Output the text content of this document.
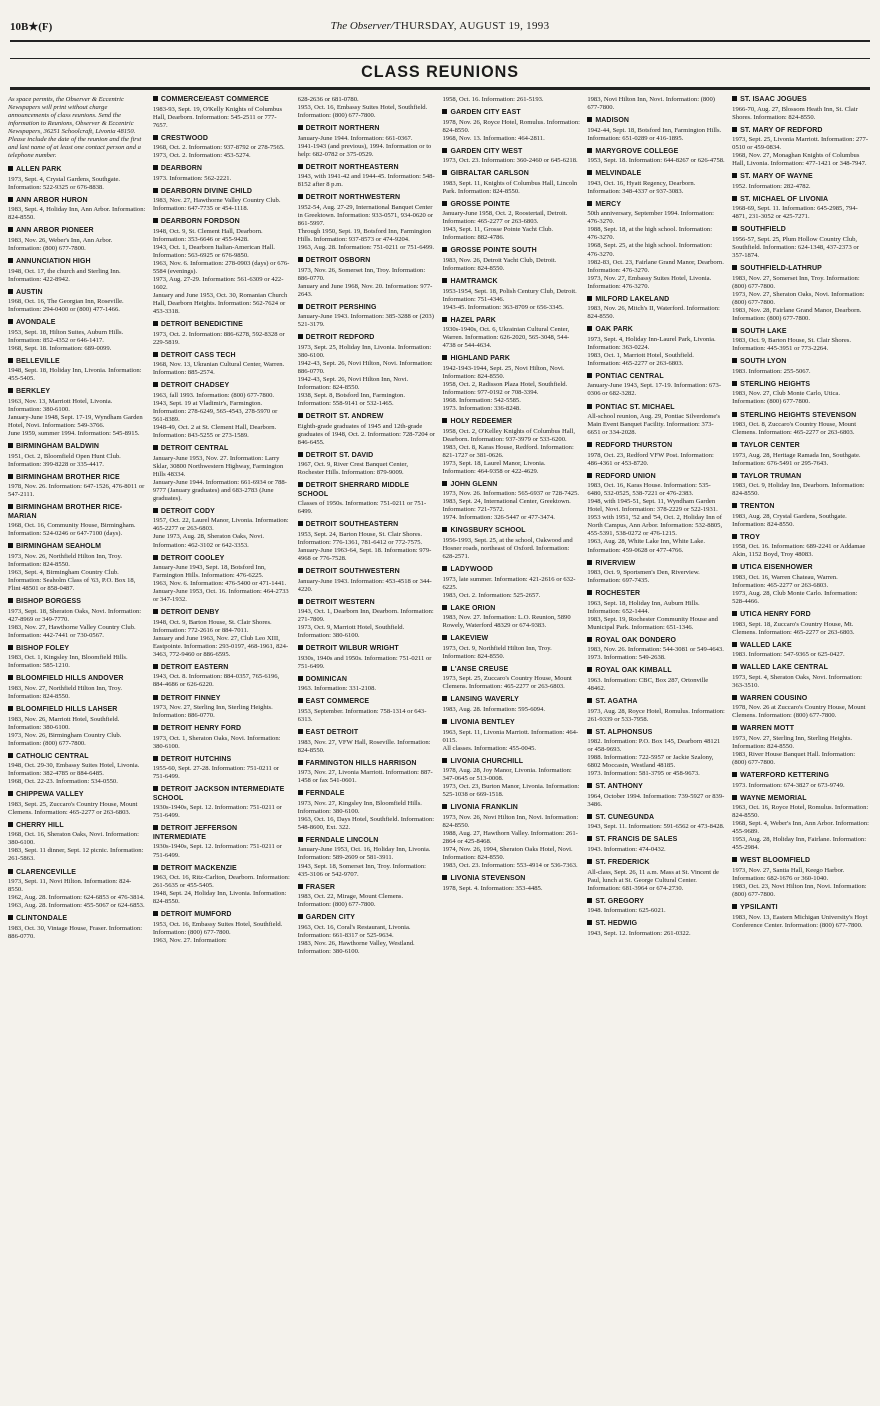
10B★(F)	The Observer/THURSDAY, AUGUST 19, 1993
CLASS REUNIONS
As space permits, the Observer & Eccentric Newspapers will print without charge announcements of class reunions. Send the information to Reunions, Observer & Eccentric Newspapers, 36251 Schoolcraft, Livonia 48150. Please include the date of the reunion and the first and last name of at least one contact person and a telephone number.
ALLEN PARK
1973, Sept. 4, Crystal Gardens, Southgate. Information: 522-9325 or 676-8838.
ANN ARBOR HURON
1983, Sept. 4, Holiday Inn, Ann Arbor. Information: 824-8550.
ANN ARBOR PIONEER
1983, Nov. 26, Weber's Inn, Ann Arbor. Information: (800) 677-7800.
ANNUNCIATION HIGH
1948, Oct. 17, the church and Sterling Inn. Information: 422-8942.
AUSTIN
1968, Oct. 16, The Georgian Inn, Roseville. Information: 294-0400 or (800) 477-1466.
AVONDALE
1953, Sept. 18, Hilton Suites, Auburn Hills. Information: 852-4352 or 646-1417.
1968, Sept. 18. Information: 689-0099.
BELLEVILLE
1948, Sept. 18, Holiday Inn, Livonia. Information: 455-5405.
BERKLEY
1963, Nov. 13, Marriott Hotel, Livonia. Information: 380-6100.
January-June 1948, Sept. 17-19, Wyndham Garden Hotel, Novi. Information: 549-3766.
June 1959, summer 1994. Information: 545-8915.
BIRMINGHAM BALDWIN
1951, Oct. 2, Bloomfield Open Hunt Club. Information: 399-8228 or 335-4417.
BIRMINGHAM BROTHER RICE
1978, Nov. 26. Information: 647-1526, 476-8011 or 547-2111.
BIRMINGHAM BROTHER RICE-MARIAN
1968, Oct. 16, Community House, Birmingham. Information: 524-0246 or 647-7100 (days).
BIRMINGHAM SEAHOLM
1973, Nov. 26, Northfield Hilton Inn, Troy. Information: 824-8550.
1963, Sept. 4, Birmingham Country Club. Information: Seaholm Class of '63, P.O. Box 18, Flint 48501 or 858-0487.
BISHOP BORGESS
1973, Sept. 18, Sheraton Oaks, Novi. Information: 427-8969 or 349-7770.
1983, Nov. 27, Hawthorne Valley Country Club. Information: 442-7441 or 730-0567.
BISHOP FOLEY
1983, Oct. 1, Kingsley Inn, Bloomfield Hills. Information: 585-1210.
BLOOMFIELD HILLS ANDOVER
1983, Nov. 27, Northfield Hilton Inn, Troy. Information: 824-8550.
BLOOMFIELD HILLS LAHSER
1983, Nov. 26, Marriott Hotel, Southfield. Information: 380-6100.
1973, Nov. 26, Birmingham Country Club. Information: (800) 677-7800.
CATHOLIC CENTRAL
1948, Oct. 29-30, Embassy Suites Hotel, Livonia. Information: 382-4785 or 884-6485.
1968, Oct. 22-23. Information: 534-0550.
CHIPPEWA VALLEY
1983, Sept. 25, Zuccaro's Country House, Mount Clemens. Information: 465-2277 or 263-6803.
CHERRY HILL
1968, Oct. 16, Sheraton Oaks, Novi. Information: 380-6100.
1983, Sept. 11 dinner, Sept. 12 picnic. Information: 261-5863.
CLARENCEVILLE
1973, Sept. 11, Novi Hilton. Information: 824-8550.
1962, Aug. 28. Information: 624-6853 or 476-3814.
1963, Aug. 28. Information: 455-5067 or 624-6853.
CLINTONDALE
1983, Oct. 30, Vintage House, Fraser. Information: 886-0770.
COMMERCE/EAST COMMERCE
1983-93, Sept. 19, O'Kelly Knights of Columbus Hall, Dearborn. Information: 545-2511 or 777-7657.
CRESTWOOD
1968, Oct. 2. Information: 937-8792 or 278-7565.
1973, Oct. 2. Information: 453-5274.
DEARBORN
1973. Information: 562-2221.
DEARBORN DIVINE CHILD
1983, Nov. 27, Hawthorne Valley Country Club. Information: 647-7735 or 454-1118.
DEARBORN FORDSON
1948, Oct. 9, St. Clement Hall, Dearborn. Information: 353-6646 or 455-9428.
1943, Oct. 1, Dearborn Italian-American Hall. Information: 563-6925 or 676-9850.
1963, Nov. 6. Information: 278-0903 (days) or 676-5584 (evenings).
1973, Aug. 27-29. Information: 561-6309 or 422-1602.
January and June 1953, Oct. 30, Romanian Church Hall, Dearborn Heights. Information: 562-7624 or 453-3318.
DETROIT BENEDICTINE
1973, Oct. 2. Information: 886-6278, 592-8328 or 229-5819.
DETROIT CASS TECH
1968, Nov. 13, Ukranian Cultural Center, Warren. Information: 885-2574.
DETROIT CHADSEY
1963, fall 1993. Information: (800) 677-7800.
1943, Sept. 19 at Vladimir's, Farmington. Information: 278-6249, 565-4543, 278-5970 or 561-8389.
1948-49, Oct. 2 at St. Clement Hall, Dearborn. Information: 843-5255 or 273-1589.
DETROIT CENTRAL
January-June 1953, Nov. 27. Information: Larry Sklar, 30800 Northwestern Highway, Farmington Hills 48334.
January-June 1944. Information: 661-6934 or 788-9777 (January graduates) and 683-2783 (June graduates).
DETROIT CODY
1957, Oct. 22, Laurel Manor, Livonia. Information: 465-2277 or 263-6803.
June 1973, Aug. 28, Sheraton Oaks, Novi. Information: 462-3102 or 642-3353.
DETROIT COOLEY
January-June 1943, Sept. 18, Botsford Inn, Farmington Hills. Information: 476-6225.
1963, Nov. 6. Information: 476-5400 or 471-1441.
January-June 1953, Oct. 16. Information: 464-2733 or 347-1932.
DETROIT DENBY
1948, Oct. 9, Barton House, St. Clair Shores. Information: 772-2616 or 884-7011.
January and June 1963, Nov. 27, Club Leo XIII, Eastpointe. Information: 293-0197, 468-1961, 824-3463, 772-9460 or 886-6595.
DETROIT EASTERN
1943, Oct. 8. Information: 884-0357, 765-6196, 884-4686 or 626-6220.
DETROIT FINNEY
1973, Nov. 27, Sterling Inn, Sterling Heights. Information: 886-0770.
DETROIT HENRY FORD
1973, Oct. 1, Sheraton Oaks, Novi. Information: 380-6100.
DETROIT HUTCHINS
1955-60, Sept. 27-28. Information: 751-0211 or 751-6499.
DETROIT JACKSON INTERMEDIATE SCHOOL
1930s-1940s, Sept. 12. Information: 751-0211 or 751-6499.
DETROIT JEFFERSON INTERMEDIATE
1930s-1940s, Sept. 12. Information: 751-0211 or 751-6499.
DETROIT MACKENZIE
1963, Oct. 16, Ritz-Carlton, Dearborn. Information: 261-5635 or 455-5405.
1948, Sept. 24, Holiday Inn, Livonia. Information: 824-8550.
DETROIT MUMFORD
1953, Oct. 16, Embassy Suites Hotel, Southfield. Information: (800) 677-7800.
1963, Nov. 27. Information:
628-2636 or 681-0780.
1953, Oct. 16, Embassy Suites Hotel, Southfield. Information: (800) 677-7800.
DETROIT NORTHERN
January-June 1944. Information: 661-0367.
1941-1943 (and previous), 1994. Information or to help: 682-0782 or 375-0529.
DETROIT NORTHEASTERN
1943, with 1941-42 and 1944-45. Information: 548-8152 after 8 p.m.
DETROIT NORTHWESTERN
1952-54, Aug. 27-29, International Banquet Center in Greektown. Information: 933-0571, 934-0620 or 861-5997.
Through 1950, Sept. 19, Botsford Inn, Farmington Hills. Information: 937-8573 or 474-9204.
1963, Aug. 28. Information: 751-0211 or 751-6499.
DETROIT OSBORN
1973, Nov. 26, Somerset Inn, Troy. Information: 886-0770.
January and June 1968, Nov. 20. Information: 977-2643.
DETROIT PERSHING
January-June 1943. Information: 385-3288 or (203) 521-3179.
DETROIT REDFORD
1973, Sept. 25, Holiday Inn, Livonia. Information: 380-6100.
1942-43, Sept. 26, Novi Hilton, Novi. Information: 886-0770.
1942-43, Sept. 26, Novi Hilton Inn, Novi. Information: 824-8550.
1938, Sept. 8, Botsford Inn, Farmington. Information: 558-9141 or 532-1465.
DETROIT ST. ANDREW
Eighth-grade graduates of 1945 and 12th-grade graduates of 1948, Oct. 2. Information: 728-7204 or 846-6455.
DETROIT ST. DAVID
1967, Oct. 9, River Crest Banquet Center, Rochester Hills. Information: 879-9009.
DETROIT SHERRARD MIDDLE SCHOOL
Classes of 1950s. Information: 751-0211 or 751-6499.
DETROIT SOUTHEASTERN
1953, Sept. 24, Barton House, St. Clair Shores. Information: 776-1361, 781-6412 or 772-7575.
January-June 1963-64, Sept. 18. Information: 979-4968 or 776-7528.
DETROIT SOUTHWESTERN
January-June 1943. Information: 453-4518 or 344-4220.
DETROIT WESTERN
1943, Oct. 1, Dearborn Inn, Dearborn. Information: 271-7809.
1973, Oct. 9, Marriott Hotel, Southfield. Information: 380-6100.
DETROIT WILBUR WRIGHT
1930s, 1940s and 1950s. Information: 751-0211 or 751-6499.
DOMINICAN
1963. Information: 331-2108.
EAST COMMERCE
1953, September. Information: 758-1314 or 643-6313.
EAST DETROIT
1983, Nov. 27, VFW Hall, Roseville. Information: 824-8550.
FARMINGTON HILLS HARRISON
1973, Nov. 27, Livonia Marriott. Information: 887-1458 or fax 541-0601.
FERNDALE
1973, Nov. 27, Kingsley Inn, Bloomfield Hills. Information: 380-6100.
1963, Oct. 16, Days Hotel, Southfield. Information: 548-8600, Ext. 322.
FERNDALE LINCOLN
January-June 1953, Oct. 16, Holiday Inn, Livonia. Information: 589-2609 or 581-3911.
1943, Sept. 18, Somerset Inn, Troy. Information: 435-3106 or 542-9707.
FRASER
1983, Oct. 22, Mirage, Mount Clemens. Information: (800) 677-7800.
GARDEN CITY
1963, Oct. 16, Coral's Restaurant, Livonia. Information: 661-8317 or 525-9634.
1983, Nov. 26, Hawthorne Valley, Westland. Information: 380-6100.
1958, Oct. 16. Information: 261-5193.
GARDEN CITY EAST
1978, Nov. 26, Royce Hotel, Romulus. Information: 824-8550.
1968, Nov. 13. Information: 464-2811.
GARDEN CITY WEST
1973, Oct. 23. Information: 360-2460 or 645-6218.
GIBRALTAR CARLSON
1983, Sept. 11, Knights of Columbus Hall, Lincoln Park. Information: 824-8550.
GROSSE POINTE
January-June 1958, Oct. 2, Roostertail, Detroit. Information: 465-2277 or 263-6803.
1943, Sept. 11, Grosse Pointe Yacht Club. Information: 882-4786.
GROSSE POINTE SOUTH
1983, Nov. 26, Detroit Yacht Club, Detroit. Information: 824-8550.
HAMTRAMCK
1953-1954, Sept. 18, Polish Century Club, Detroit. Information: 751-4346.
1943-45. Information: 363-8709 or 656-3345.
HAZEL PARK
1930s-1940s, Oct. 6, Ukrainian Cultural Center, Warren. Information: 626-2020, 565-3048, 544-4738 or 544-4634.
HIGHLAND PARK
1942-1943-1944, Sept. 25, Novi Hilton, Novi. Information: 824-8550.
1958, Oct. 2, Radisson Plaza Hotel, Southfield. Information: 977-0192 or 708-3394.
1968. Information: 542-5585.
1973. Information: 336-8248.
HOLY REDEEMER
1958, Oct. 2, O'Kelley Knights of Columbus Hall, Dearborn. Information: 937-3979 or 533-6200.
1983, Oct. 8, Karas House, Redford. Information: 821-1727 or 381-0626.
1973, Sept. 18, Laurel Manor, Livonia. Information: 464-9358 or 422-4629.
JOHN GLENN
1973, Nov. 26. Information: 565-6937 or 728-7425.
1983, Sept. 24, International Center, Greektown. Information: 721-7572.
1974. Information: 326-5447 or 477-3474.
KINGSBURY SCHOOL
1956-1993, Sept. 25, at the school, Oakwood and Hosner roads, northeast of Oxford. Information: 628-2571.
LADYWOOD
1973, late summer. Information: 421-2616 or 632-6225.
1983, Oct. 2. Information: 525-2657.
LAKE ORION
1983, Nov. 27. Information: L.O. Reunion, 5890 Rowely, Waterford 48329 or 674-9383.
LAKEVIEW
1973, Oct. 9, Northfield Hilton Inn, Troy. Information: 824-8550.
L'ANSE CREUSE
1973, Sept. 25, Zuccaro's Country House, Mount Clemens. Information: 465-2277 or 263-6803.
LANSING WAVERLY
1983, Aug. 28. Information: 595-6094.
LIVONIA BENTLEY
1963, Sept. 11, Livonia Marriott. Information: 464-0115.
All classes. Information: 455-0045.
LIVONIA CHURCHILL
1978, Aug. 28, Joy Manor, Livonia. Information: 347-0645 or 513-0008.
1973, Oct. 23, Burton Manor, Livonia. Information: 525-1038 or 669-1518.
LIVONIA FRANKLIN
1973, Nov. 26, Novi Hilton Inn, Novi. Information: 824-8550.
1988, Aug. 27, Hawthorn Valley. Information: 261-2864 or 425-8468.
1974, Nov. 26, 1994, Sheraton Oaks Hotel, Novi. Information: 824-8550.
1983, Oct. 23. Information: 553-4914 or 536-7363.
LIVONIA STEVENSON
1978, Sept. 4. Information: 353-4485.
1983, Novi Hilton Inn, Novi. Information: (800) 677-7800.
MADISON
1942-44, Sept. 18, Botsford Inn, Farmington Hills. Information: 651-0289 or 416-1895.
MARYGROVE COLLEGE
1953, Sept. 18. Information: 644-8267 or 626-4758.
MELVINDALE
1943, Oct. 16, Hyatt Regency, Dearborn. Information: 348-4337 or 937-3083.
MERCY
50th anniversary, September 1994. Information: 476-3270.
1988, Sept. 18, at the high school. Information: 476-3270.
1968, Sept. 25, at the high school. Information: 476-3270.
1982-83, Oct. 23, Fairlane Grand Manor, Dearborn. Information: 476-3270.
1973, Nov. 27, Embassy Suites Hotel, Livonia. Information: 476-3270.
MILFORD LAKELAND
1983, Nov. 26, Mitch's II, Waterford. Information: 824-8550.
OAK PARK
1973, Sept. 4, Holiday Inn-Laurel Park, Livonia. Information: 363-0224.
1983, Oct. 1, Marriott Hotel, Southfield. Information: 465-2277 or 263-6803.
PONTIAC CENTRAL
January-June 1943, Sept. 17-19. Information: 673-0306 or 682-3282.
PONTIAC ST. MICHAEL
All-school reunion, Aug. 29, Pontiac Silverdome's Main Event Banquet Facility. Information: 373-6651 or 334-2028.
REDFORD THURSTON
1978, Oct. 23, Redford VFW Post. Information: 486-4361 or 453-8720.
REDFORD UNION
1983, Oct. 16, Karas House. Information: 535-6480, 532-0525, 538-7221 or 476-2383.
1948, with 1945-51, Sept. 11, Wyndham Garden Hotel, Novi. Information: 378-2229 or 522-1931.
1953 with 1951, '52 and '54, Oct. 2, Holiday Inn of North Campus, Ann Arbor. Information: 532-8805, 455-5391, 538-0272 or 476-1215.
1963, Aug. 28, White Lake Inn, White Lake. Information: 459-0628 or 477-4766.
RIVERVIEW
1983, Oct. 9, Sportsmen's Den, Riverview. Information: 697-7435.
ROCHESTER
1963, Sept. 18, Holiday Inn, Auburn Hills. Information: 652-1444.
1983, Sept. 19, Rochester Community House and Municipal Park. Information: 651-1346.
ROYAL OAK DONDERO
1983, Nov. 26. Information: 544-3081 or 549-4643.
1973. Information: 549-2638.
ROYAL OAK KIMBALL
1963. Information: CBC, Box 287, Ortonville 48462.
ST. AGATHA
1973, Aug. 28, Royce Hotel, Romulus. Information: 261-9339 or 533-7958.
ST. ALPHONSUS
1982. Information: P.O. Box 145, Dearborn 48121 or 458-9693.
1988. Information: 722-5957 or Jackie Szalony, 6802 Moccasin, Westland 48185.
1973. Information: 581-3795 or 458-9673.
ST. ANTHONY
1964, October 1994. Information: 739-5927 or 839-3486.
ST. CUNEGUNDA
1943, Sept. 11. Information: 591-6562 or 473-8428.
ST. FRANCIS DE SALES
1943. Information: 474-0432.
ST. FREDERICK
All-class, Sept. 26, 11 a.m. Mass at St. Vincent de Paul, lunch at St. George Cultural Center. Information: 681-3964 or 674-2730.
ST. GREGORY
1948. Information: 625-6021.
ST. HEDWIG
1943, Sept. 12. Information: 261-0322.
ST. ISAAC JOGUES
1966-70, Aug. 27, Blossom Heath Inn, St. Clair Shores. Information: 824-8550.
ST. MARY OF REDFORD
1973, Sept. 25, Livonia Marriott. Information: 277-0510 or 459-0834.
1968, Nov. 27, Monaghan Knights of Columbus Hall, Livonia. Information: 477-1421 or 348-7947.
ST. MARY OF WAYNE
1952. Information: 282-4782.
ST. MICHAEL OF LIVONIA
1968-69, Sept. 11. Information: 645-2985, 794-4871, 231-3052 or 425-7271.
SOUTHFIELD
1956-57, Sept. 25, Plum Hollow Country Club, Southfield. Information: 624-1348, 437-2373 or 357-1874.
SOUTHFIELD-LATHRUP
1983, Nov. 27, Somerset Inn, Troy. Information: (800) 677-7800.
1973, Nov. 27, Sheraton Oaks, Novi. Information: (800) 677-7800.
1983, Nov. 28, Fairlane Grand Manor, Dearborn. Information: (800) 677-7800.
SOUTH LAKE
1983, Oct. 9, Barton House, St. Clair Shores. Information: 445-3951 or 773-2264.
SOUTH LYON
1983. Information: 255-5067.
STERLING HEIGHTS
1983, Nov. 27, Club Monte Carlo, Utica. Information: (800) 677-7800.
STERLING HEIGHTS STEVENSON
1983, Oct. 8, Zuccaro's Country House, Mount Clemens. Information: 465-2277 or 263-6803.
TAYLOR CENTER
1973, Aug. 28, Heritage Ramada Inn, Southgate. Information: 676-5491 or 295-7643.
TAYLOR TRUMAN
1983, Oct. 9, Holiday Inn, Dearborn. Information: 824-8550.
TRENTON
1983, Aug. 28, Crystal Gardens, Southgate. Information: 824-8550.
TROY
1958, Oct. 16. Information: 689-2241 or Addamae Akin, 1152 Boyd, Troy 48083.
UTICA EISENHOWER
1983, Oct. 16, Warren Chateau, Warren. Information: 465-2277 or 263-6803.
1973, Aug. 28, Club Monte Carlo. Information: 528-4466.
UTICA HENRY FORD
1983, Sept. 18, Zuccaro's Country House, Mt. Clemens. Information: 465-2277 or 263-6803.
WALLED LAKE
1983. Information: 547-9365 or 625-0427.
WALLED LAKE CENTRAL
1973, Sept. 4, Sheraton Oaks, Novi. Information: 363-3510.
WARREN COUSINO
1978, Nov. 26 at Zuccaro's Country House, Mount Clemens. Information: (800) 677-7800.
WARREN MOTT
1973, Nov. 27, Sterling Inn, Sterling Heights. Information: 824-8550.
1983, River House Banquet Hall. Information: (800) 677-7800.
WATERFORD KETTERING
1973. Information: 674-3827 or 673-9749.
WAYNE MEMORIAL
1963, Oct. 16, Royce Hotel, Romulus. Information: 824-8550.
1968, Sept. 4, Weber's Inn, Ann Arbor. Information: 455-9689.
1953, Aug. 28, Holiday Inn, Fairlane. Information: 455-2984.
WEST BLOOMFIELD
1973, Nov. 27, Santia Hall, Keego Harbor. Information: 682-1676 or 360-1040.
1983, Oct. 23, Novi Hilton Inn, Novi. Information: (800) 677-7800.
YPSILANTI
1983, Nov. 13, Eastern Michigan University's Hoyt Conference Center. Information: (800) 677-7800.
